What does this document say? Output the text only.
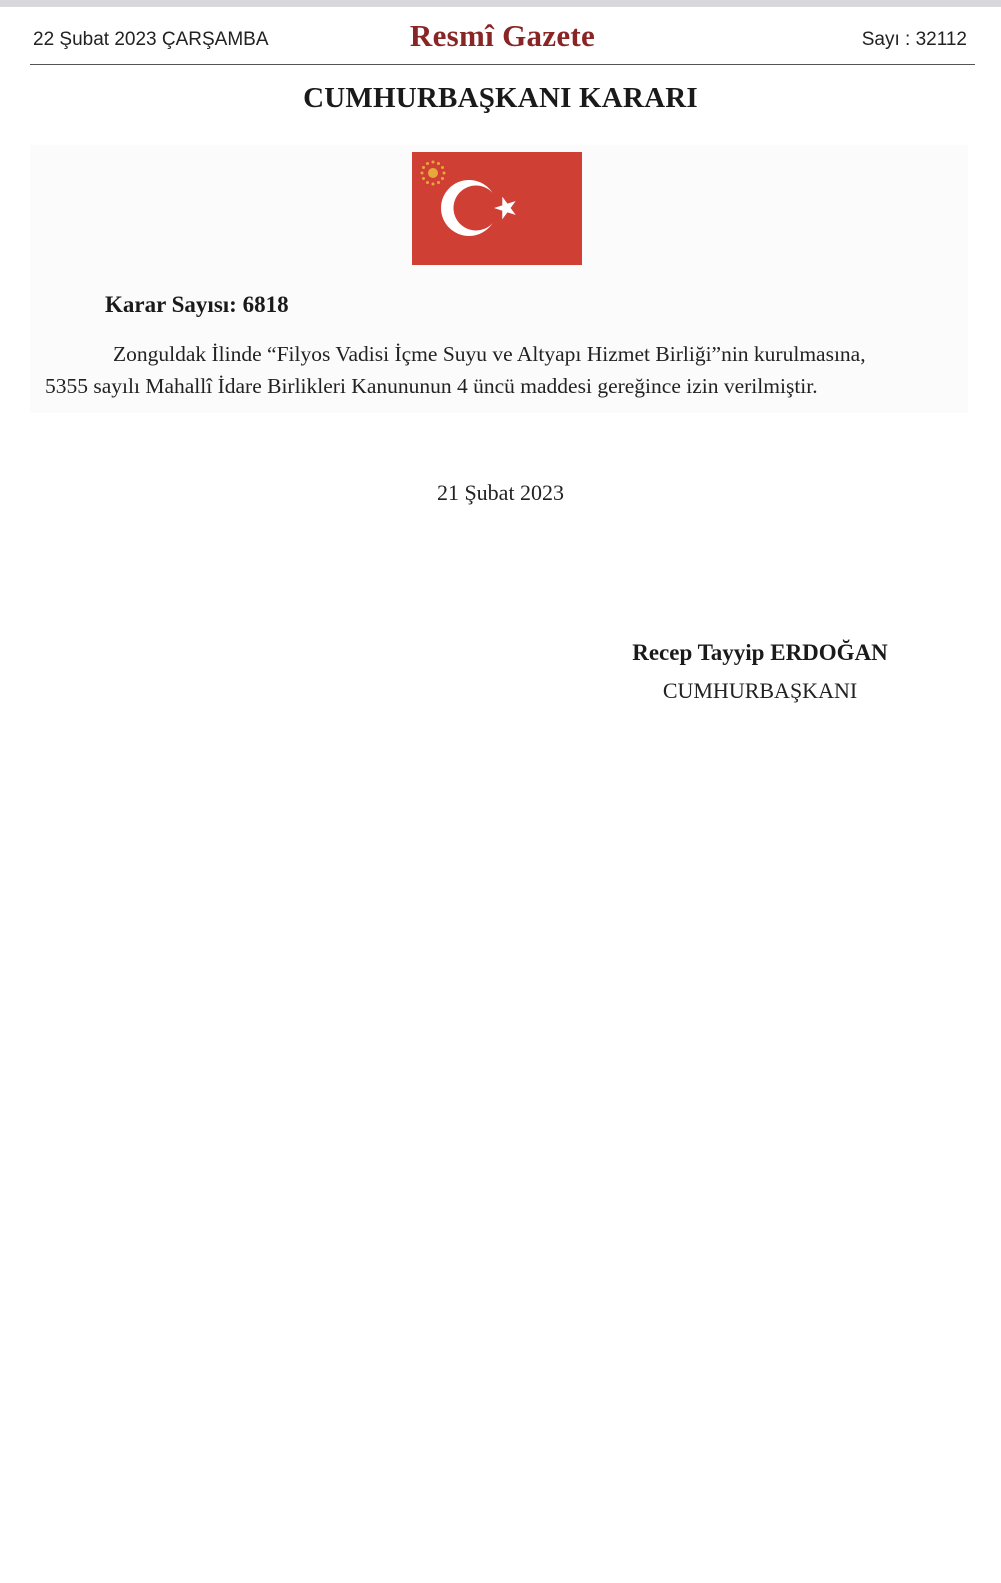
22 Şubat 2023 ÇARŞAMBA	Resmî Gazete	Sayı : 32112
CUMHURBAŞKANI KARARI
Karar Sayısı: 6818
Zonguldak İlinde “Filyos Vadisi İçme Suyu ve Altyapı Hizmet Birliği”nin kurulmasına,
5355 sayılı Mahallî İdare Birlikleri Kanununun 4 üncü maddesi gereğince izin verilmiştir.
21 Şubat 2023
Recep Tayyip ERDOĞAN
CUMHURBAŞKANI
